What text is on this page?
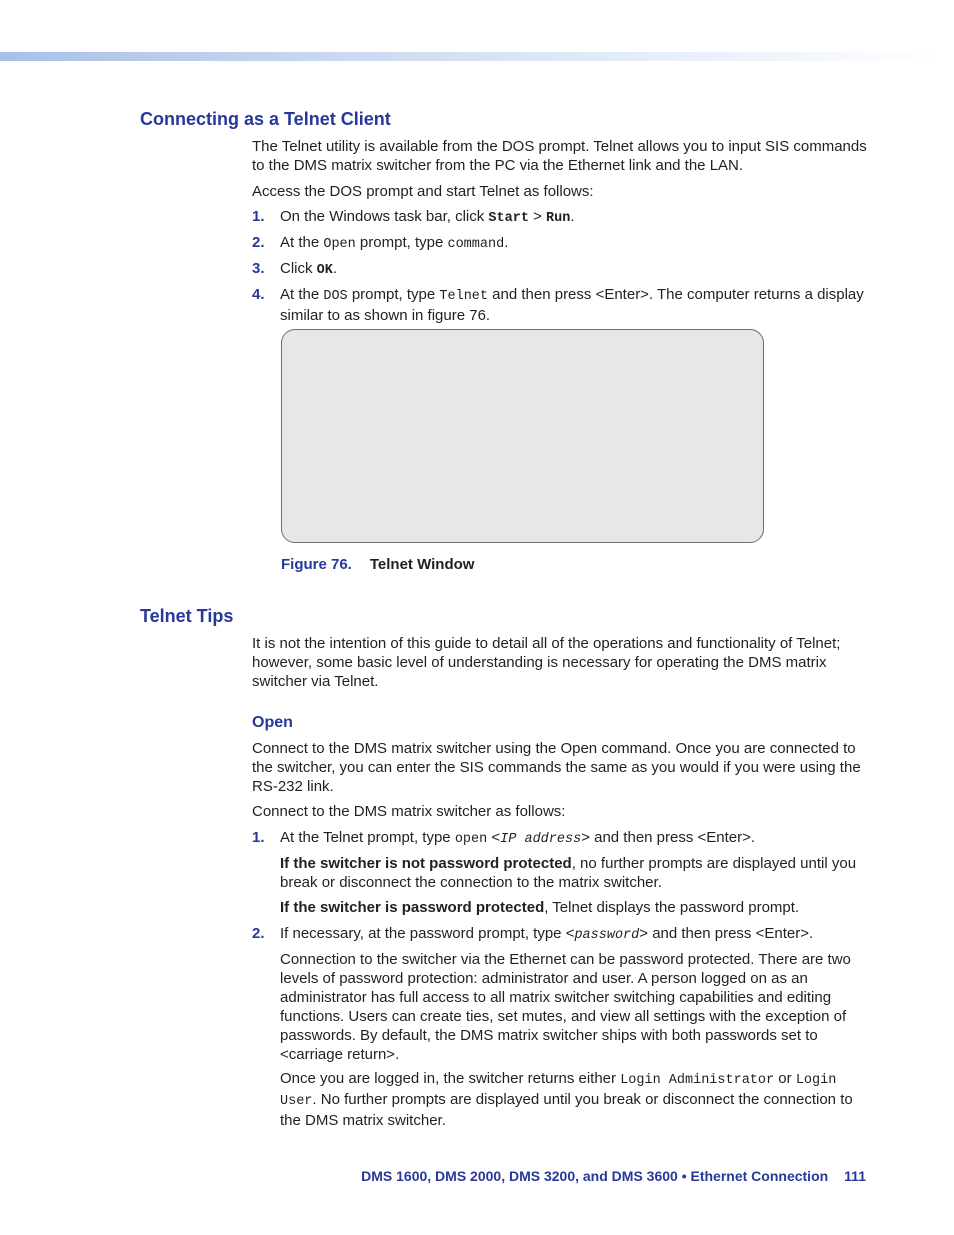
Connecting as a Telnet Client

The Telnet utility is available from the DOS prompt. Telnet allows you to input SIS commands to the DMS matrix switcher from the PC via the Ethernet link and the LAN.

Access the DOS prompt and start Telnet as follows:

1. On the Windows task bar, click Start > Run.

2. At the Open prompt, type command.

3. Click OK.

4. At the DOS prompt, type Telnet and then press <Enter>. The computer returns a display similar to as shown in figure 76.

Figure 76. Telnet Window
Telnet Tips

It is not the intention of this guide to detail all of the operations and functionality of Telnet; however, some basic level of understanding is necessary for operating the DMS matrix switcher via Telnet.

Open

Connect to the DMS matrix switcher using the Open command. Once you are connected to the switcher, you can enter the SIS commands the same as you would if you were using the RS-232 link.

Connect to the DMS matrix switcher as follows:

1. At the Telnet prompt, type open <IP address> and then press <Enter>.

If the switcher is not password protected, no further prompts are displayed until you break or disconnect the connection to the matrix switcher.

If the switcher is password protected, Telnet displays the password prompt.

2. If necessary, at the password prompt, type <password> and then press <Enter>.

Connection to the switcher via the Ethernet can be password protected. There are two levels of password protection: administrator and user. A person logged on as an administrator has full access to all matrix switcher switching capabilities and editing functions. Users can create ties, set mutes, and view all settings with the exception of passwords. By default, the DMS matrix switcher ships with both passwords set to <carriage return>.

Once you are logged in, the switcher returns either Login Administrator or Login User. No further prompts are displayed until you break or disconnect the connection to the DMS matrix switcher.

DMS 1600, DMS 2000, DMS 3200, and DMS 3600 • Ethernet Connection 111
